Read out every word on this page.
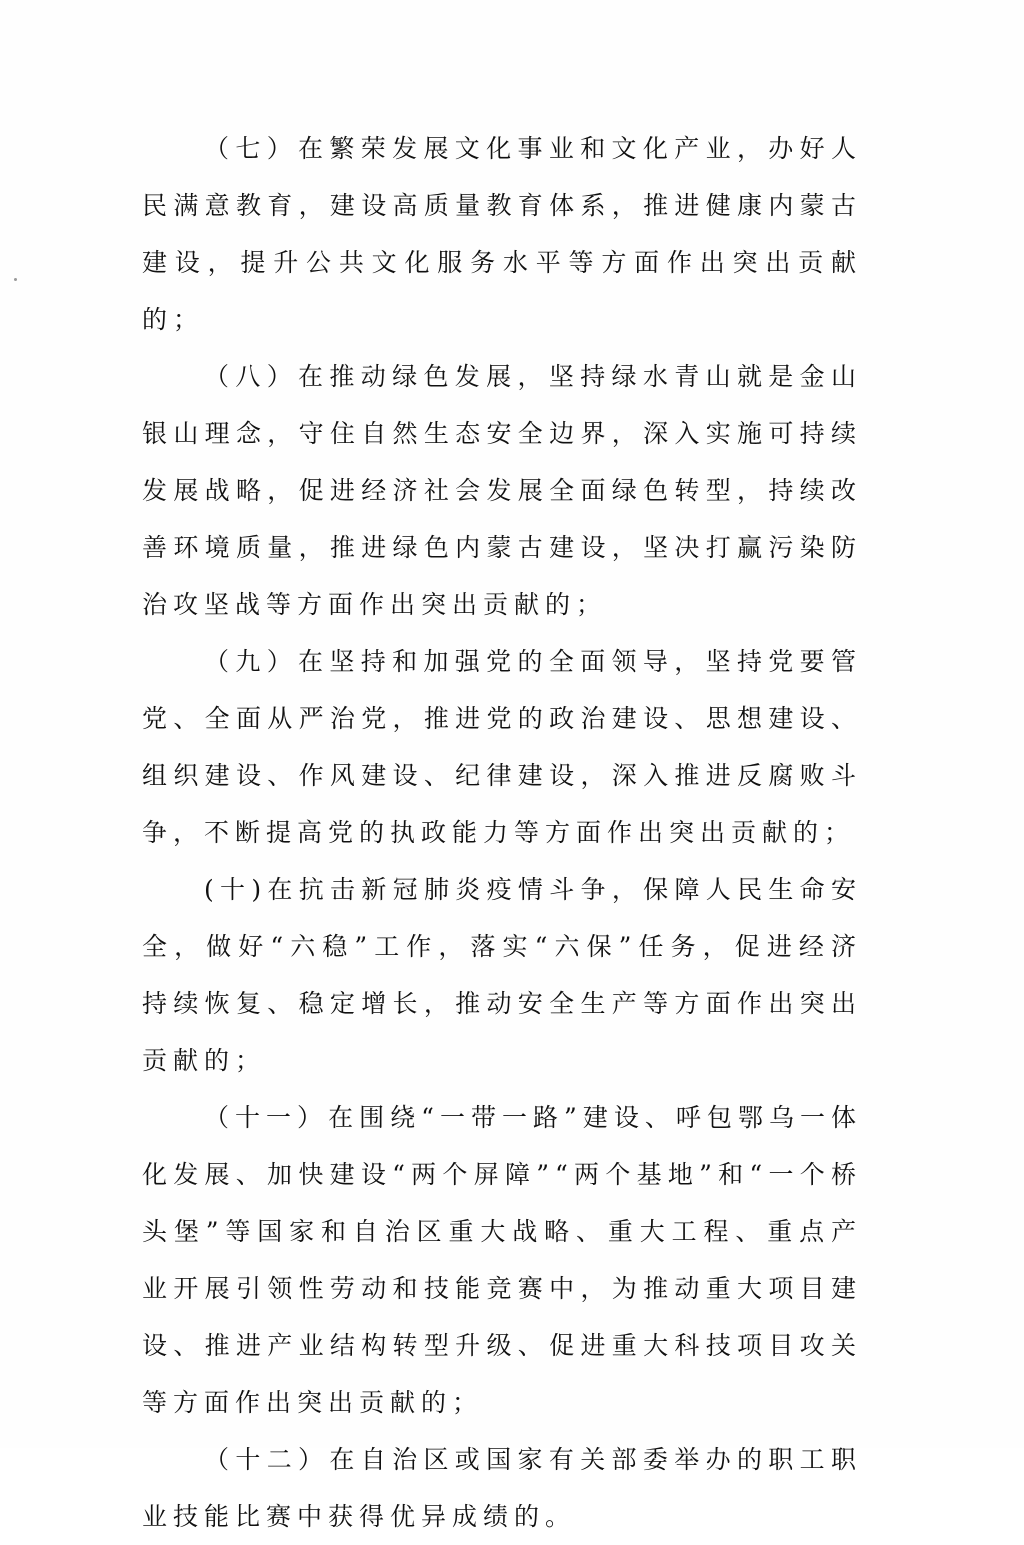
（七）在繁荣发展文化事业和文化产业，办好人民满意教育，建设高质量教育体系，推进健康内蒙古建设，提升公共文化服务水平等方面作出突出贡献的；

（八）在推动绿色发展，坚持绿水青山就是金山银山理念，守住自然生态安全边界，深入实施可持续发展战略，促进经济社会发展全面绿色转型，持续改善环境质量，推进绿色内蒙古建设，坚决打赢污染防治攻坚战等方面作出突出贡献的；

（九）在坚持和加强党的全面领导，坚持党要管党、全面从严治党，推进党的政治建设、思想建设、组织建设、作风建设、纪律建设，深入推进反腐败斗争，不断提高党的执政能力等方面作出突出贡献的；

(十)在抗击新冠肺炎疫情斗争，保障人民生命安全，做好“六稳”工作，落实“六保”任务，促进经济持续恢复、稳定增长，推动安全生产等方面作出突出贡献的；

（十一）在围绕“一带一路”建设、呼包鄂乌一体化发展、加快建设“两个屏障”“两个基地”和“一个桥头堡”等国家和自治区重大战略、重大工程、重点产业开展引领性劳动和技能竞赛中，为推动重大项目建设、推进产业结构转型升级、促进重大科技项目攻关等方面作出突出贡献的；

（十二）在自治区或国家有关部委举办的职工职业技能比赛中获得优异成绩的。
